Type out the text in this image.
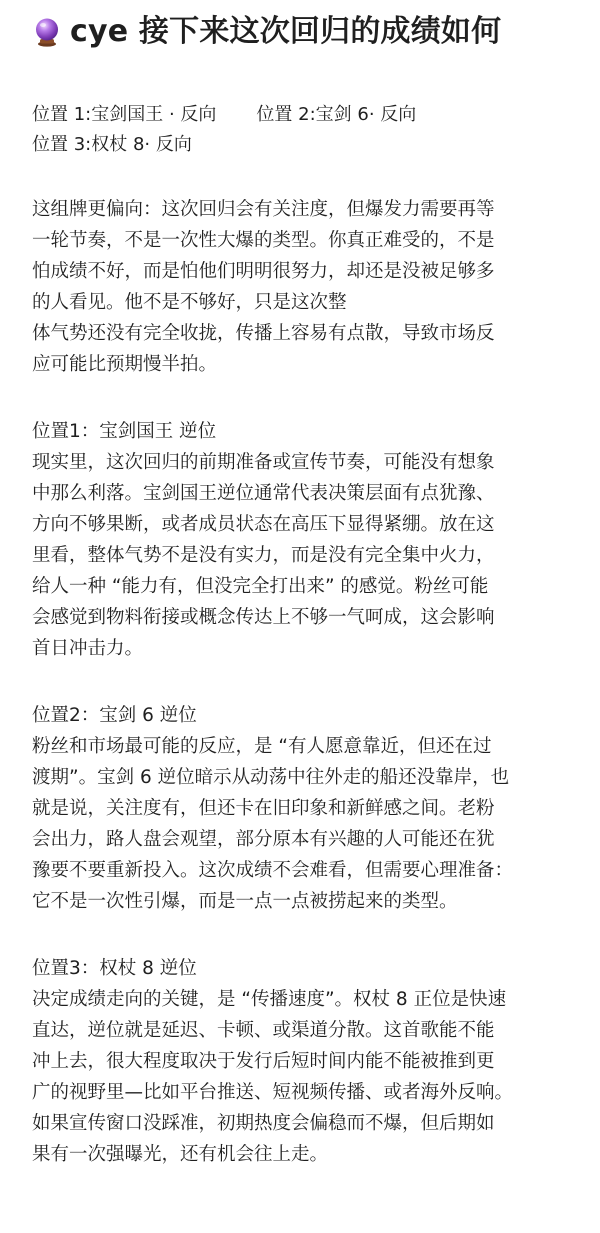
cye 接下来这次回归的成绩如何
位置 1:宝剑国王 · 反向 位置 2:宝剑 6· 反向
位置 3:权杖 8· 反向

这组牌更偏向：这次回归会有关注度，但爆发力需要再等

一轮节奏，不是一次性大爆的类型。你真正难受的，不是

怕成绩不好，而是怕他们明明很努力，却还是没被足够多

的人看见。他不是不够好，只是这次整

体气势还没有完全收拢，传播上容易有点散，导致市场反

应可能比预期慢半拍。

位置1：宝剑国王 逆位

现实里，这次回归的前期准备或宣传节奏，可能没有想象

中那么利落。宝剑国王逆位通常代表决策层面有点犹豫、

方向不够果断，或者成员状态在高压下显得紧绷。放在这

里看，整体气势不是没有实力，而是没有完全集中火力，

给人一种 “能力有，但没完全打出来” 的感觉。粉丝可能

会感觉到物料衔接或概念传达上不够一气呵成，这会影响

首日冲击力。

位置2：宝剑 6 逆位

粉丝和市场最可能的反应，是 “有人愿意靠近，但还在过

渡期”。宝剑 6 逆位暗示从动荡中往外走的船还没靠岸，也

就是说，关注度有，但还卡在旧印象和新鲜感之间。老粉

会出力，路人盘会观望，部分原本有兴趣的人可能还在犹

豫要不要重新投入。这次成绩不会难看，但需要心理准备：

它不是一次性引爆，而是一点一点被捞起来的类型。

位置3：权杖 8 逆位

决定成绩走向的关键，是 “传播速度”。权杖 8 正位是快速

直达，逆位就是延迟、卡顿、或渠道分散。这首歌能不能

冲上去，很大程度取决于发行后短时间内能不能被推到更

广的视野里—比如平台推送、短视频传播、或者海外反响。

如果宣传窗口没踩准，初期热度会偏稳而不爆，但后期如

果有一次强曝光，还有机会往上走。
